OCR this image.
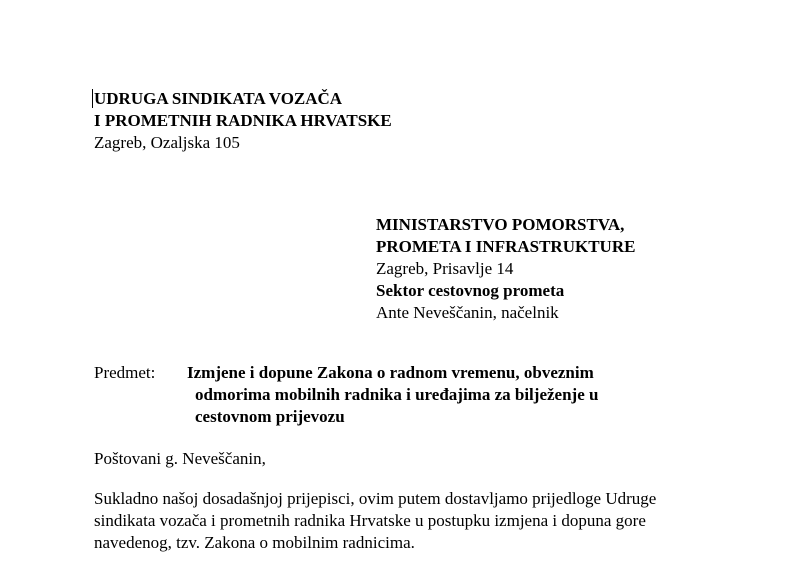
UDRUGA SINDIKATA VOZAČA
I PROMETNIH RADNIKA HRVATSKE
Zagreb, Ozaljska 105
MINISTARSTVO POMORSTVA,
PROMETA I INFRASTRUKTURE
Zagreb, Prisavlje 14
Sektor cestovnog prometa
Ante Neveščanin, načelnik
Predmet: Izmjene i dopune Zakona o radnom vremenu, obveznim
odmorima mobilnih radnika i uređajima za bilježenje u
cestovnom prijevozu
Poštovani g. Neveščanin,
Sukladno našoj dosadašnjoj prijepisci, ovim putem dostavljamo prijedloge Udruge
sindikata vozača i prometnih radnika Hrvatske u postupku izmjena i dopuna gore
navedenog, tzv. Zakona o mobilnim radnicima.
